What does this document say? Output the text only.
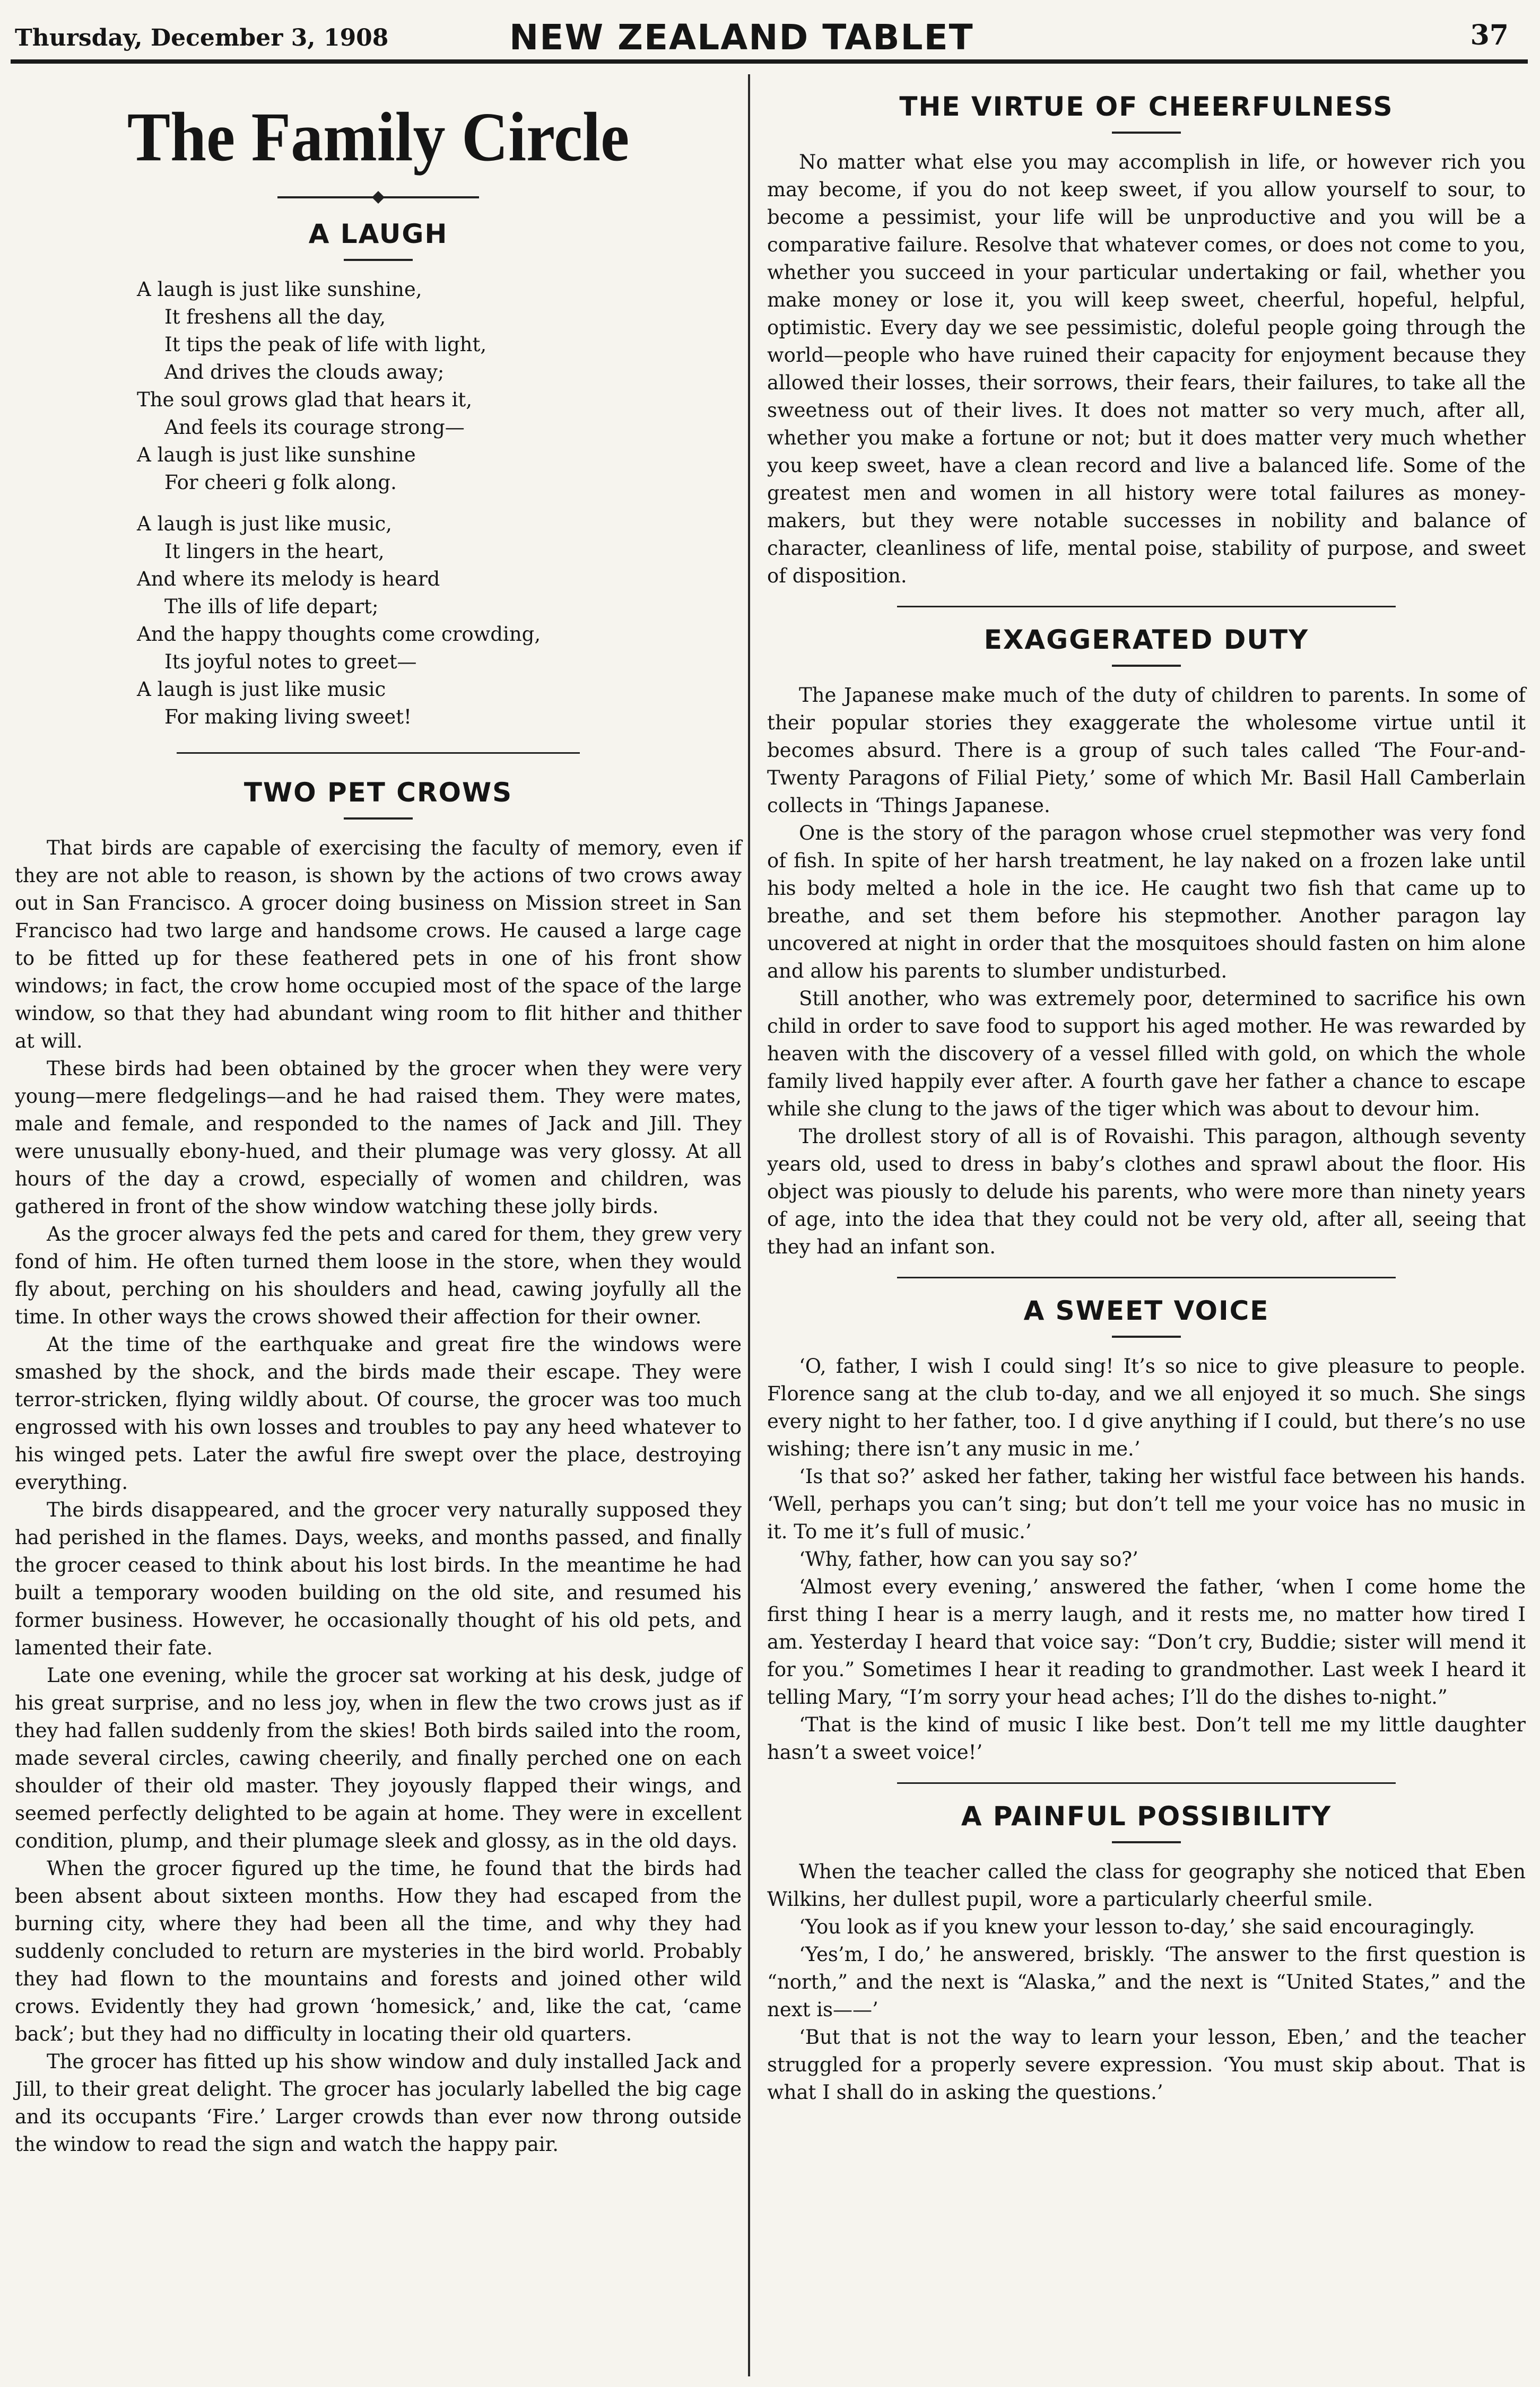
Thursday, December 3, 1908	NEW ZEALAND TABLET	37
The Family Circle
A LAUGH
A laugh is just like sunshine,
It freshens all the day,
It tips the peak of life with light,
And drives the clouds away;
The soul grows glad that hears it,
And feels its courage strong—
A laugh is just like sunshine
For cheeri g folk along.
A laugh is just like music,
It lingers in the heart,
And where its melody is heard
The ills of life depart;
And the happy thoughts come crowding,
Its joyful notes to greet—
A laugh is just like music
For making living sweet!
TWO PET CROWS

That birds are capable of exercising the faculty of memory, even if they are not able to reason, is shown by the actions of two crows away out in San Francisco. A grocer doing business on Mission street in San Francisco had two large and handsome crows. He caused a large cage to be fitted up for these feathered pets in one of his front show windows; in fact, the crow home occupied most of the space of the large window, so that they had abundant wing room to flit hither and thither at will.

These birds had been obtained by the grocer when they were very young—mere fledgelings—and he had raised them. They were mates, male and female, and responded to the names of Jack and Jill. They were unusually ebony-hued, and their plumage was very glossy. At all hours of the day a crowd, especially of women and children, was gathered in front of the show window watching these jolly birds.

As the grocer always fed the pets and cared for them, they grew very fond of him. He often turned them loose in the store, when they would fly about, perching on his shoulders and head, cawing joyfully all the time. In other ways the crows showed their affection for their owner.

At the time of the earthquake and great fire the windows were smashed by the shock, and the birds made their escape. They were terror-stricken, flying wildly about. Of course, the grocer was too much engrossed with his own losses and troubles to pay any heed whatever to his winged pets. Later the awful fire swept over the place, destroying everything.

The birds disappeared, and the grocer very naturally supposed they had perished in the flames. Days, weeks, and months passed, and finally the grocer ceased to think about his lost birds. In the meantime he had built a temporary wooden building on the old site, and resumed his former business. However, he occasionally thought of his old pets, and lamented their fate.

Late one evening, while the grocer sat working at his desk, judge of his great surprise, and no less joy, when in flew the two crows just as if they had fallen suddenly from the skies! Both birds sailed into the room, made several circles, cawing cheerily, and finally perched one on each shoulder of their old master. They joyously flapped their wings, and seemed perfectly delighted to be again at home. They were in excellent condition, plump, and their plumage sleek and glossy, as in the old days.

When the grocer figured up the time, he found that the birds had been absent about sixteen months. How they had escaped from the burning city, where they had been all the time, and why they had suddenly concluded to return are mysteries in the bird world. Probably they had flown to the mountains and forests and joined other wild crows. Evidently they had grown ‘homesick,’ and, like the cat, ‘came back’; but they had no difficulty in locating their old quarters.

The grocer has fitted up his show window and duly installed Jack and Jill, to their great delight. The grocer has jocularly labelled the big cage and its occupants ‘Fire.’ Larger crowds than ever now throng outside the window to read the sign and watch the happy pair.

THE VIRTUE OF CHEERFULNESS

No matter what else you may accomplish in life, or however rich you may become, if you do not keep sweet, if you allow yourself to sour, to become a pessimist, your life will be unproductive and you will be a comparative failure. Resolve that whatever comes, or does not come to you, whether you succeed in your particular undertaking or fail, whether you make money or lose it, you will keep sweet, cheerful, hopeful, helpful, optimistic. Every day we see pessimistic, doleful people going through the world—people who have ruined their capacity for enjoyment because they allowed their losses, their sorrows, their fears, their failures, to take all the sweetness out of their lives. It does not matter so very much, after all, whether you make a fortune or not; but it does matter very much whether you keep sweet, have a clean record and live a balanced life. Some of the greatest men and women in all history were total failures as money-makers, but they were notable successes in nobility and balance of character, cleanliness of life, mental poise, stability of purpose, and sweet of disposition.

EXAGGERATED DUTY

The Japanese make much of the duty of children to parents. In some of their popular stories they exaggerate the wholesome virtue until it becomes absurd. There is a group of such tales called ‘The Four-and-Twenty Paragons of Filial Piety,’ some of which Mr. Basil Hall Camberlain collects in ‘Things Japanese.

One is the story of the paragon whose cruel stepmother was very fond of fish. In spite of her harsh treatment, he lay naked on a frozen lake until his body melted a hole in the ice. He caught two fish that came up to breathe, and set them before his stepmother. Another paragon lay uncovered at night in order that the mosquitoes should fasten on him alone and allow his parents to slumber undisturbed.

Still another, who was extremely poor, determined to sacrifice his own child in order to save food to support his aged mother. He was rewarded by heaven with the discovery of a vessel filled with gold, on which the whole family lived happily ever after. A fourth gave her father a chance to escape while she clung to the jaws of the tiger which was about to devour him.

The drollest story of all is of Rovaishi. This paragon, although seventy years old, used to dress in baby’s clothes and sprawl about the floor. His object was piously to delude his parents, who were more than ninety years of age, into the idea that they could not be very old, after all, seeing that they had an infant son.

A SWEET VOICE

‘O, father, I wish I could sing! It’s so nice to give pleasure to people. Florence sang at the club to-day, and we all enjoyed it so much. She sings every night to her father, too. I d give anything if I could, but there’s no use wishing; there isn’t any music in me.’

‘Is that so?’ asked her father, taking her wistful face between his hands. ‘Well, perhaps you can’t sing; but don’t tell me your voice has no music in it. To me it’s full of music.’

‘Why, father, how can you say so?’

‘Almost every evening,’ answered the father, ‘when I come home the first thing I hear is a merry laugh, and it rests me, no matter how tired I am. Yesterday I heard that voice say: “Don’t cry, Buddie; sister will mend it for you.” Sometimes I hear it reading to grandmother. Last week I heard it telling Mary, “I’m sorry your head aches; I’ll do the dishes to-night.”

‘That is the kind of music I like best. Don’t tell me my little daughter hasn’t a sweet voice!’

A PAINFUL POSSIBILITY

When the teacher called the class for geography she noticed that Eben Wilkins, her dullest pupil, wore a particularly cheerful smile.

‘You look as if you knew your lesson to-day,’ she said encouragingly.

‘Yes’m, I do,’ he answered, briskly. ‘The answer to the first question is “north,” and the next is “Alaska,” and the next is “United States,” and the next is——’

‘But that is not the way to learn your lesson, Eben,’ and the teacher struggled for a properly severe expression. ‘You must skip about. That is what I shall do in asking the questions.’
